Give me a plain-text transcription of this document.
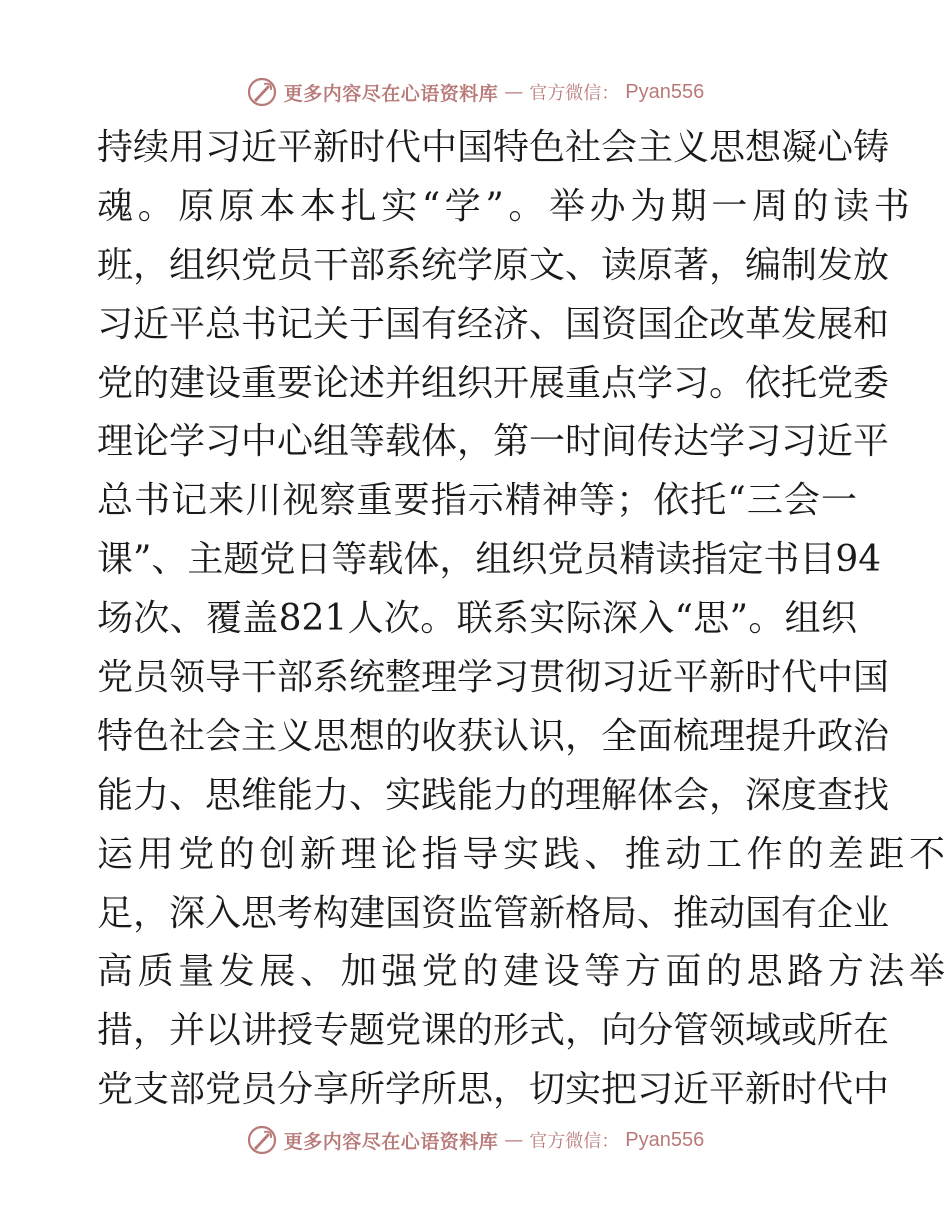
更多内容尽在心语资料库 — 官方微信： Pyan556
持续用习近平新时代中国特色社会主义思想凝心铸
魂。原原本本扎实“学”。举办为期一周的读书
班，组织党员干部系统学原文、读原著，编制发放
习近平总书记关于国有经济、国资国企改革发展和
党的建设重要论述并组织开展重点学习。依托党委
理论学习中心组等载体，第一时间传达学习习近平
总书记来川视察重要指示精神等；依托“三会一
课”、主题党日等载体，组织党员精读指定书目94
场次、覆盖821人次。联系实际深入“思”。组织
党员领导干部系统整理学习贯彻习近平新时代中国
特色社会主义思想的收获认识，全面梳理提升政治
能力、思维能力、实践能力的理解体会，深度查找
运用党的创新理论指导实践、推动工作的差距不
足，深入思考构建国资监管新格局、推动国有企业
高质量发展、加强党的建设等方面的思路方法举
措，并以讲授专题党课的形式，向分管领域或所在
党支部党员分享所学所思，切实把习近平新时代中
更多内容尽在心语资料库 — 官方微信： Pyan556
